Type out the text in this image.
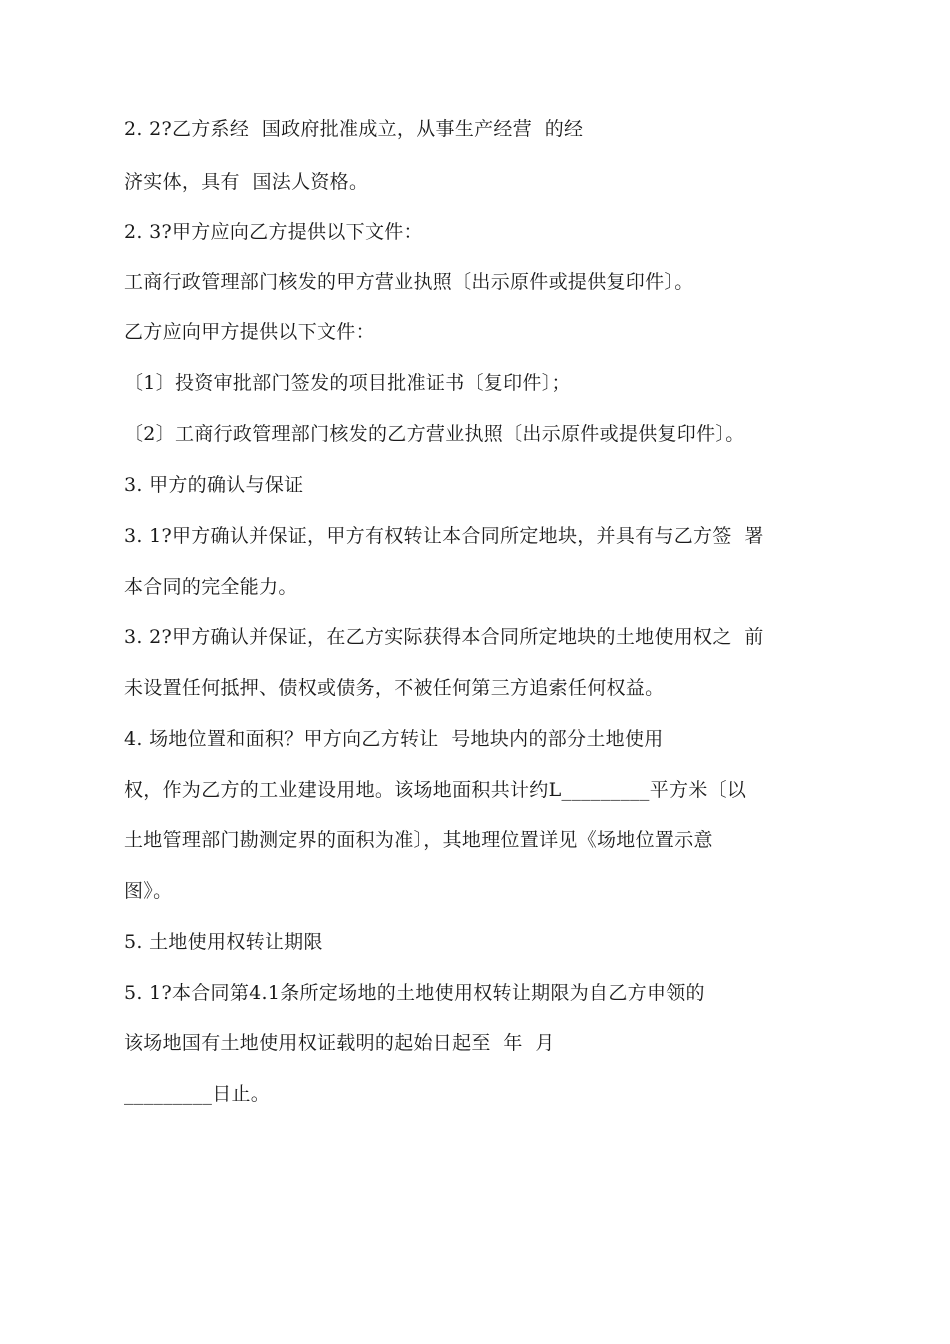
2. 2?乙方系经  国政府批准成立，从事生产经营  的经
济实体，具有  国法人资格。
2. 3?甲方应向乙方提供以下文件：
工商行政管理部门核发的甲方营业执照〔出示原件或提供复印件〕。
乙方应向甲方提供以下文件：
〔1〕投资审批部门签发的项目批准证书〔复印件〕；
〔2〕工商行政管理部门核发的乙方营业执照〔出示原件或提供复印件〕。
3. 甲方的确认与保证
3. 1?甲方确认并保证，甲方有权转让本合同所定地块，并具有与乙方签  署
本合同的完全能力。
3. 2?甲方确认并保证，在乙方实际获得本合同所定地块的土地使用权之  前
未设置任何抵押、债权或债务，不被任何第三方追索任何权益。
4. 场地位置和面积？甲方向乙方转让  号地块内的部分土地使用
权，作为乙方的工业建设用地。该场地面积共计约L_________平方米〔以
土地管理部门勘测定界的面积为准〕，其地理位置详见《场地位置示意
图》。
5. 土地使用权转让期限
5. 1?本合同第4.1条所定场地的土地使用权转让期限为自乙方申领的
该场地国有土地使用权证载明的起始日起至  年  月
_________日止。
